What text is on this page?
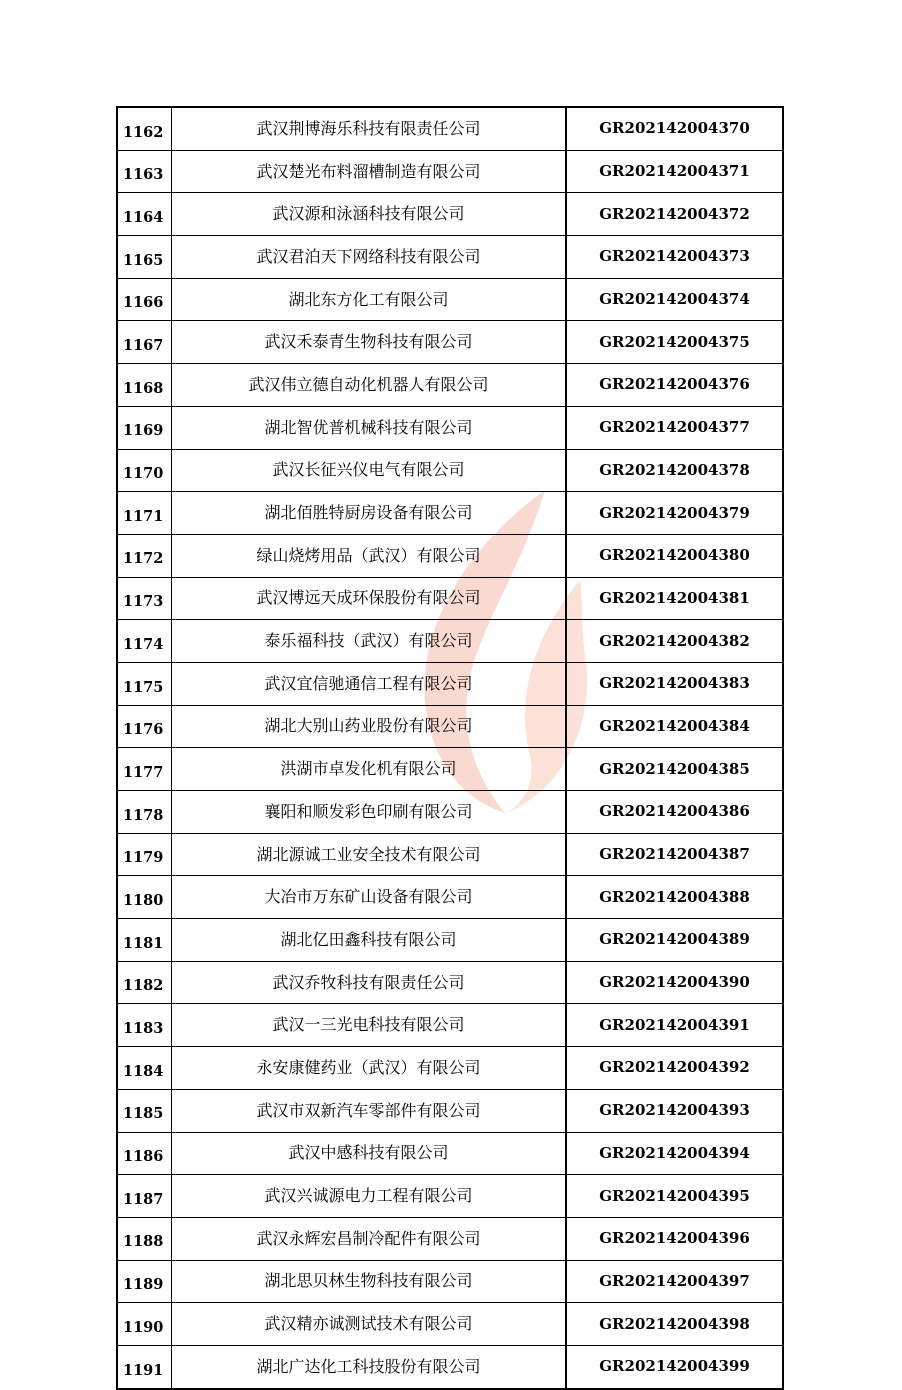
1162	武汉荆博海乐科技有限责任公司	GR202142004370
1163	武汉楚光布料溜槽制造有限公司	GR202142004371
1164	武汉源和泳涵科技有限公司	GR202142004372
1165	武汉君泊天下网络科技有限公司	GR202142004373
1166	湖北东方化工有限公司	GR202142004374
1167	武汉禾泰青生物科技有限公司	GR202142004375
1168	武汉伟立德自动化机器人有限公司	GR202142004376
1169	湖北智优普机械科技有限公司	GR202142004377
1170	武汉长征兴仪电气有限公司	GR202142004378
1171	湖北佰胜特厨房设备有限公司	GR202142004379
1172	绿山烧烤用品（武汉）有限公司	GR202142004380
1173	武汉博远天成环保股份有限公司	GR202142004381
1174	泰乐福科技（武汉）有限公司	GR202142004382
1175	武汉宜信驰通信工程有限公司	GR202142004383
1176	湖北大别山药业股份有限公司	GR202142004384
1177	洪湖市卓发化机有限公司	GR202142004385
1178	襄阳和顺发彩色印刷有限公司	GR202142004386
1179	湖北源诚工业安全技术有限公司	GR202142004387
1180	大冶市万东矿山设备有限公司	GR202142004388
1181	湖北亿田鑫科技有限公司	GR202142004389
1182	武汉乔牧科技有限责任公司	GR202142004390
1183	武汉一三光电科技有限公司	GR202142004391
1184	永安康健药业（武汉）有限公司	GR202142004392
1185	武汉市双新汽车零部件有限公司	GR202142004393
1186	武汉中感科技有限公司	GR202142004394
1187	武汉兴诚源电力工程有限公司	GR202142004395
1188	武汉永辉宏昌制冷配件有限公司	GR202142004396
1189	湖北思贝林生物科技有限公司	GR202142004397
1190	武汉精亦诚测试技术有限公司	GR202142004398
1191	湖北广达化工科技股份有限公司	GR202142004399
